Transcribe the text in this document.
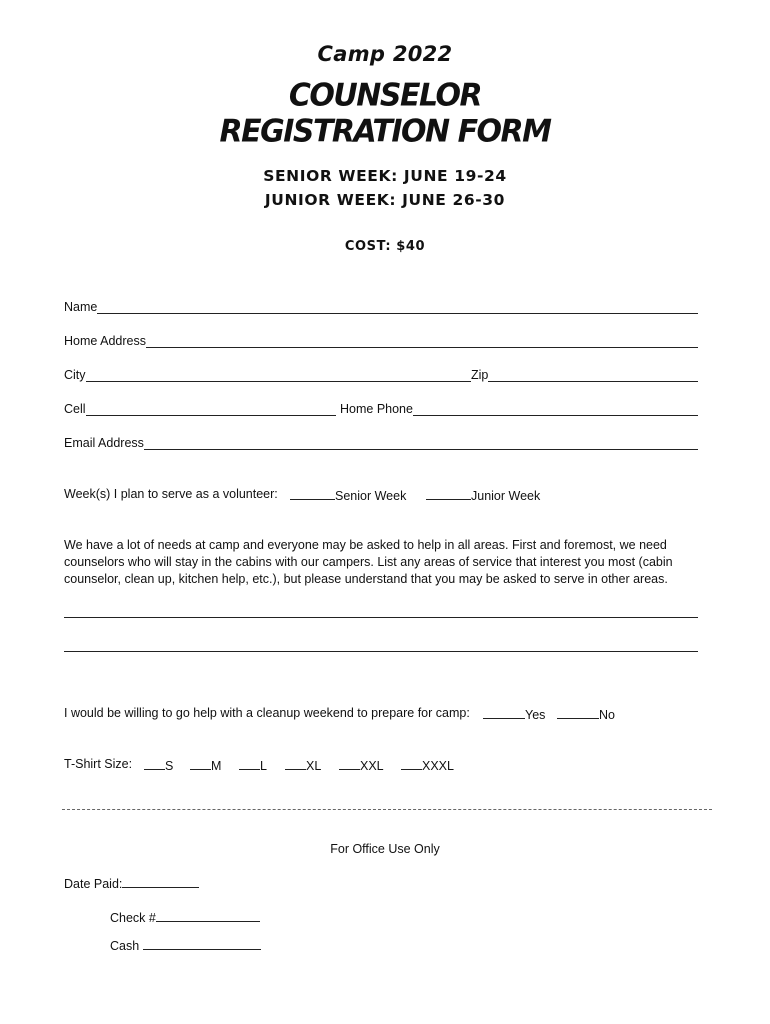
Camp 2022
COUNSELOR
REGISTRATION FORM
SENIOR WEEK: JUNE 19-24
JUNIOR WEEK: JUNE 26-30
COST: $40
Name
Home Address
City	Zip
Cell	Home Phone
Email Address
Week(s) I plan to serve as a volunteer:	Senior Week	Junior Week
We have a lot of needs at camp and everyone may be asked to help in all areas. First and foremost, we need
counselors who will stay in the cabins with our campers. List any areas of service that interest you most (cabin
counselor, clean up, kitchen help, etc.), but please understand that you may be asked to serve in other areas.
I would be willing to go help with a cleanup weekend to prepare for camp:	Yes	No
T-Shirt Size:	S	M	L	XL	XXL	XXXL
For Office Use Only
Date Paid:
Check #
Cash
